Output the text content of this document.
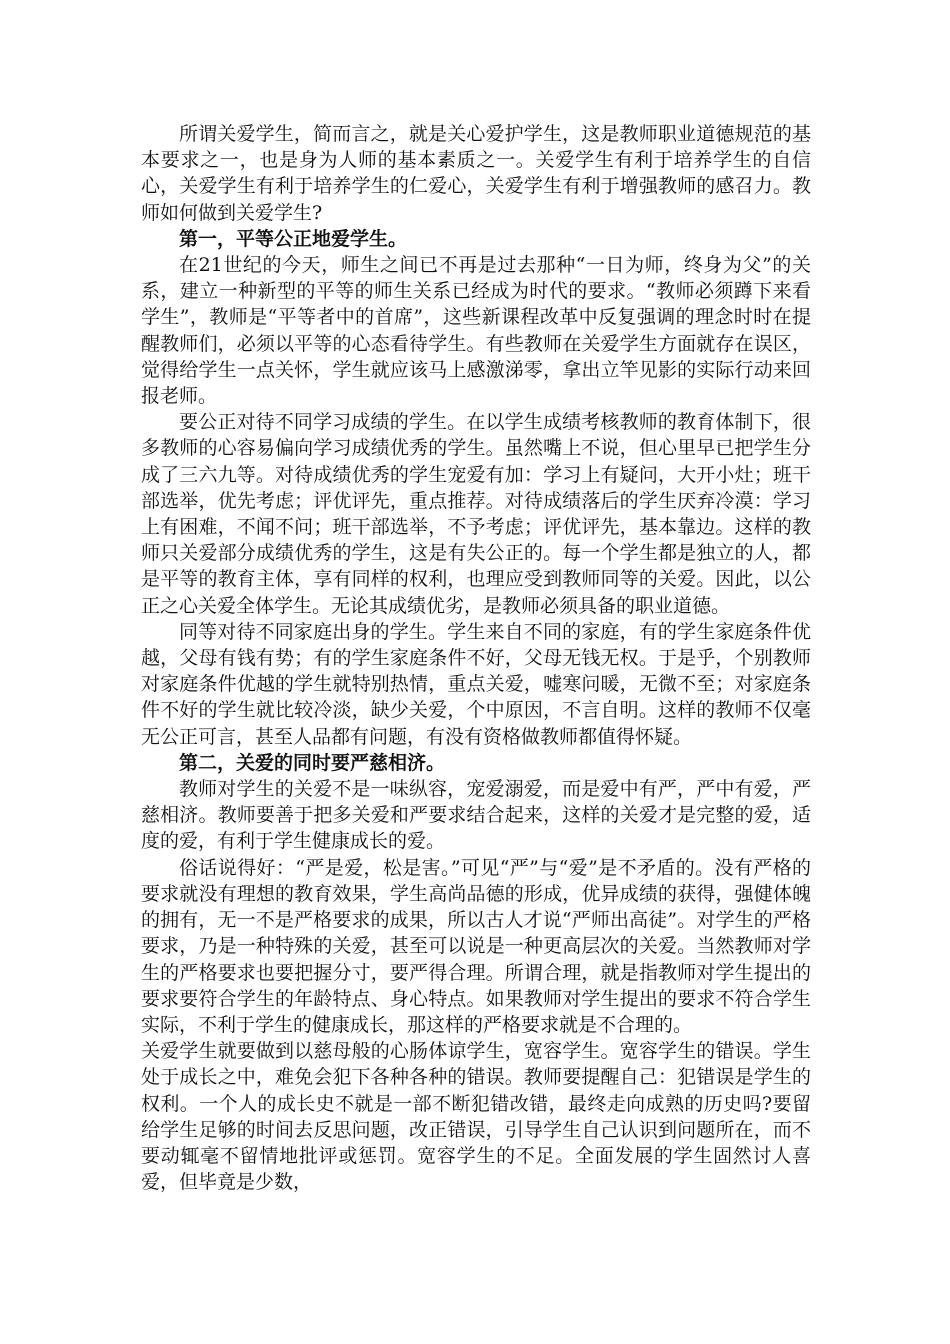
所谓关爱学生，简而言之，就是关心爱护学生，这是教师职业道德规范的基本要求之一，也是身为人师的基本素质之一。关爱学生有利于培养学生的自信心，关爱学生有利于培养学生的仁爱心，关爱学生有利于增强教师的感召力。教师如何做到关爱学生?

第一，平等公正地爱学生。

在21世纪的今天，师生之间已不再是过去那种“一日为师，终身为父”的关系，建立一种新型的平等的师生关系已经成为时代的要求。“教师必须蹲下来看学生”，教师是“平等者中的首席”，这些新课程改革中反复强调的理念时时在提醒教师们，必须以平等的心态看待学生。有些教师在关爱学生方面就存在误区，觉得给学生一点关怀，学生就应该马上感激涕零，拿出立竿见影的实际行动来回报老师。

要公正对待不同学习成绩的学生。在以学生成绩考核教师的教育体制下，很多教师的心容易偏向学习成绩优秀的学生。虽然嘴上不说，但心里早已把学生分成了三六九等。对待成绩优秀的学生宠爱有加：学习上有疑问，大开小灶；班干部选举，优先考虑；评优评先，重点推荐。对待成绩落后的学生厌弃冷漠：学习上有困难，不闻不问；班干部选举，不予考虑；评优评先，基本靠边。这样的教师只关爱部分成绩优秀的学生，这是有失公正的。每一个学生都是独立的人，都是平等的教育主体，享有同样的权利，也理应受到教师同等的关爱。因此，以公正之心关爱全体学生。无论其成绩优劣，是教师必须具备的职业道德。

同等对待不同家庭出身的学生。学生来自不同的家庭，有的学生家庭条件优越，父母有钱有势；有的学生家庭条件不好，父母无钱无权。于是乎，个别教师对家庭条件优越的学生就特别热情，重点关爱，嘘寒问暖，无微不至；对家庭条件不好的学生就比较冷淡，缺少关爱，个中原因，不言自明。这样的教师不仅毫无公正可言，甚至人品都有问题，有没有资格做教师都值得怀疑。

第二，关爱的同时要严慈相济。

教师对学生的关爱不是一味纵容，宠爱溺爱，而是爱中有严，严中有爱，严慈相济。教师要善于把多关爱和严要求结合起来，这样的关爱才是完整的爱，适度的爱，有利于学生健康成长的爱。

俗话说得好：“严是爱，松是害。”可见“严”与“爱”是不矛盾的。没有严格的要求就没有理想的教育效果，学生高尚品德的形成，优异成绩的获得，强健体魄的拥有，无一不是严格要求的成果，所以古人才说“严师出高徒”。对学生的严格要求，乃是一种特殊的关爱，甚至可以说是一种更高层次的关爱。当然教师对学生的严格要求也要把握分寸，要严得合理。所谓合理，就是指教师对学生提出的要求要符合学生的年龄特点、身心特点。如果教师对学生提出的要求不符合学生实际，不利于学生的健康成长，那这样的严格要求就是不合理的。

关爱学生就要做到以慈母般的心肠体谅学生，宽容学生。宽容学生的错误。学生处于成长之中，难免会犯下各种各种的错误。教师要提醒自己：犯错误是学生的权利。一个人的成长史不就是一部不断犯错改错，最终走向成熟的历史吗?要留给学生足够的时间去反思问题，改正错误，引导学生自己认识到问题所在，而不要动辄毫不留情地批评或惩罚。宽容学生的不足。全面发展的学生固然讨人喜爱，但毕竟是少数，
